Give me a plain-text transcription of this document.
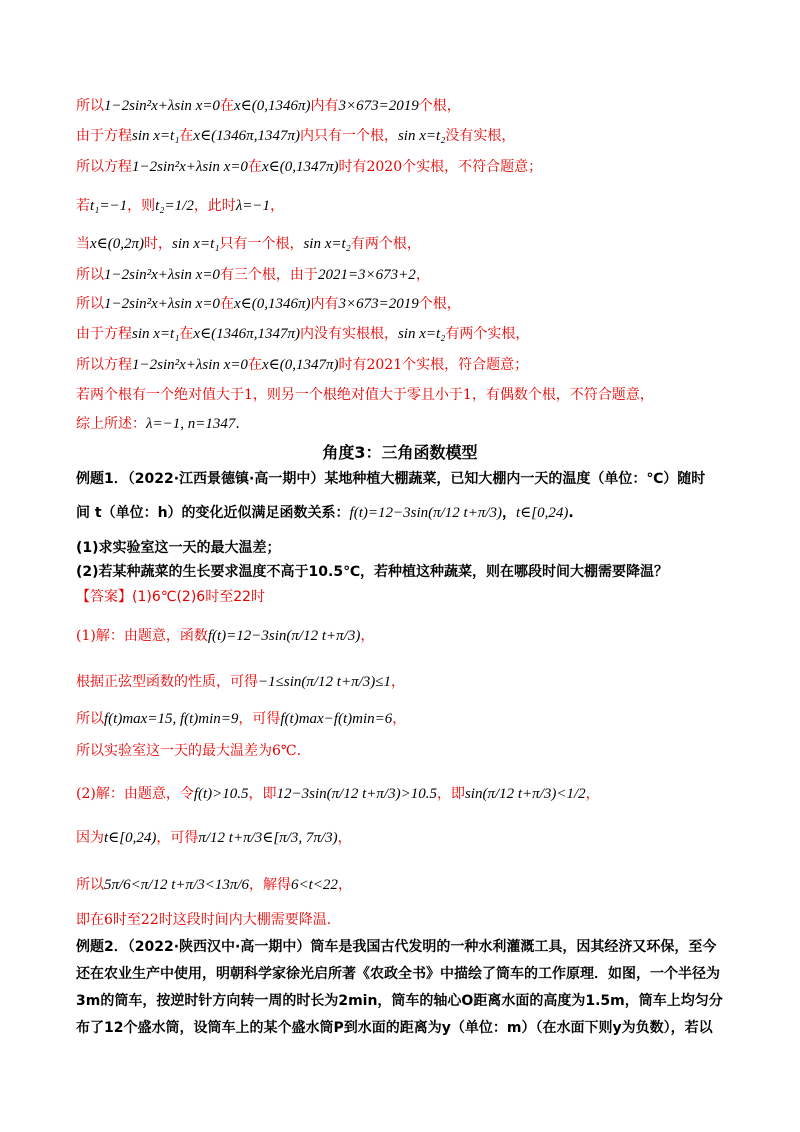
所以1−2sin²x+λsin x=0在x∈(0,1346π)内有3×673=2019个根，
由于方程sin x=t₁在x∈(1346π,1347π)内只有一个根，sin x=t₂没有实根，
所以方程1−2sin²x+λsin x=0在x∈(0,1347π)时有2020个实根，不符合题意；
若t₁=−1，则t₂=1/2，此时λ=−1，
当x∈(0,2π)时，sin x=t₁只有一个根，sin x=t₂有两个根，
所以1−2sin²x+λsin x=0有三个根，由于2021=3×673+2，
所以1−2sin²x+λsin x=0在x∈(0,1346π)内有3×673=2019个根，
由于方程sin x=t₁在x∈(1346π,1347π)内没有实根根，sin x=t₂有两个实根，
所以方程1−2sin²x+λsin x=0在x∈(0,1347π)时有2021个实根，符合题意；
若两个根有一个绝对值大于1，则另一个根绝对值大于零且小于1，有偶数个根，不符合题意，
综上所述：λ=−1, n=1347.
角度3：三角函数模型
例题1．（2022·江西景德镇·高一期中）某地种植大棚蔬菜，已知大棚内一天的温度（单位：℃）随时
间 t（单位：h）的变化近似满足函数关系：f(t)=12−3sin(π/12 t+π/3)，t∈[0,24).
(1)求实验室这一天的最大温差；
(2)若某种蔬菜的生长要求温度不高于10.5℃，若种植这种蔬菜，则在哪段时间大棚需要降温？
【答案】(1)6℃(2)6时至22时
(1)解：由题意，函数f(t)=12−3sin(π/12 t+π/3)，
根据正弦型函数的性质，可得−1≤sin(π/12 t+π/3)≤1，
所以f(t)max=15, f(t)min=9，可得f(t)max−f(t)min=6，
所以实验室这一天的最大温差为6℃.
(2)解：由题意，令f(t)>10.5，即12−3sin(π/12 t+π/3)>10.5，即sin(π/12 t+π/3)<1/2，
因为t∈[0,24)，可得π/12 t+π/3∈[π/3, 7π/3)，
所以5π/6<π/12 t+π/3<13π/6，解得6<t<22，
即在6时至22时这段时间内大棚需要降温.
例题2．（2022·陕西汉中·高一期中）筒车是我国古代发明的一种水利灌溉工具，因其经济又环保，至今还在农业生产中使用，明朝科学家徐光启所著《农政全书》中描绘了筒车的工作原理．如图，一个半径为3m的筒车，按逆时针方向转一周的时长为2min，筒车的轴心O距离水面的高度为1.5m，筒车上均匀分布了12个盛水筒，设筒车上的某个盛水筒P到水面的距离为y（单位：m）（在水面下则y为负数），若以
